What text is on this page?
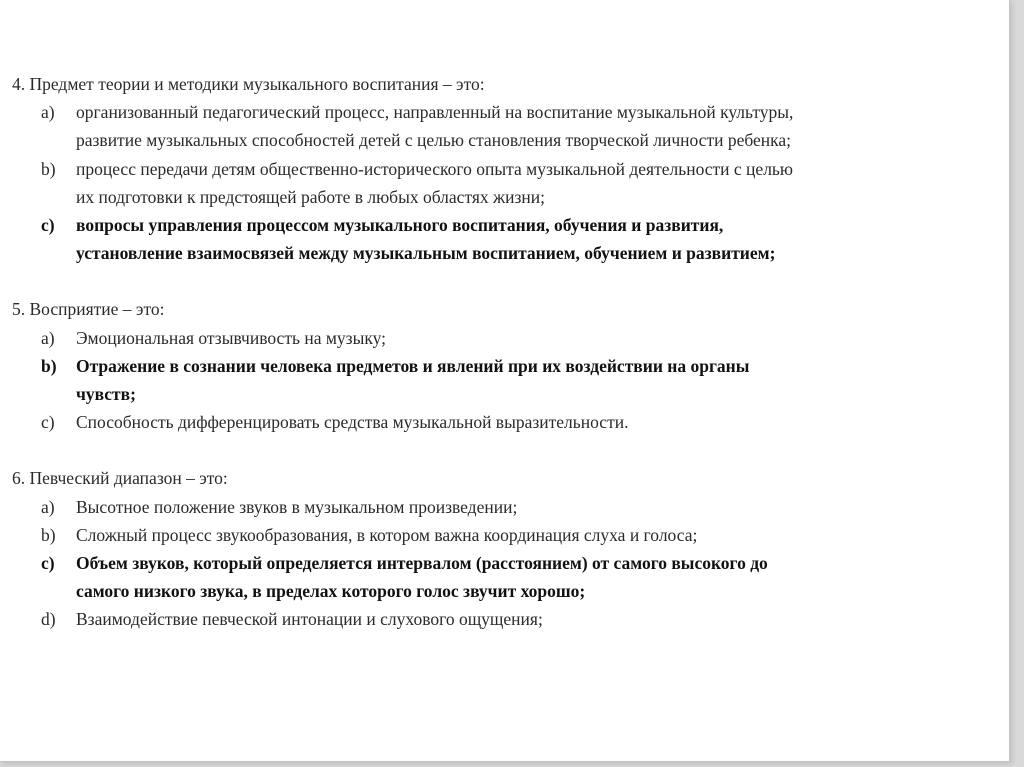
4. Предмет теории и методики музыкального воспитания – это:
a) организованный педагогический процесс, направленный на воспитание музыкальной культуры,
развитие музыкальных способностей детей с целью становления творческой личности ребенка;
b) процесс передачи детям общественно-исторического опыта музыкальной деятельности с целью
их подготовки к предстоящей работе в любых областях жизни;
c) вопросы управления процессом музыкального воспитания, обучения и развития,
установление взаимосвязей между музыкальным воспитанием, обучением и развитием;
5. Восприятие – это:
a) Эмоциональная отзывчивость на музыку;
b) Отражение в сознании человека предметов и явлений при их воздействии на органы
чувств;
c) Способность дифференцировать средства музыкальной выразительности.
6. Певческий диапазон – это:
a) Высотное положение звуков в музыкальном произведении;
b) Сложный процесс звукообразования, в котором важна координация слуха и голоса;
c) Объем звуков, который определяется интервалом (расстоянием) от самого высокого до
самого низкого звука, в пределах которого голос звучит хорошо;
d) Взаимодействие певческой интонации и слухового ощущения;
